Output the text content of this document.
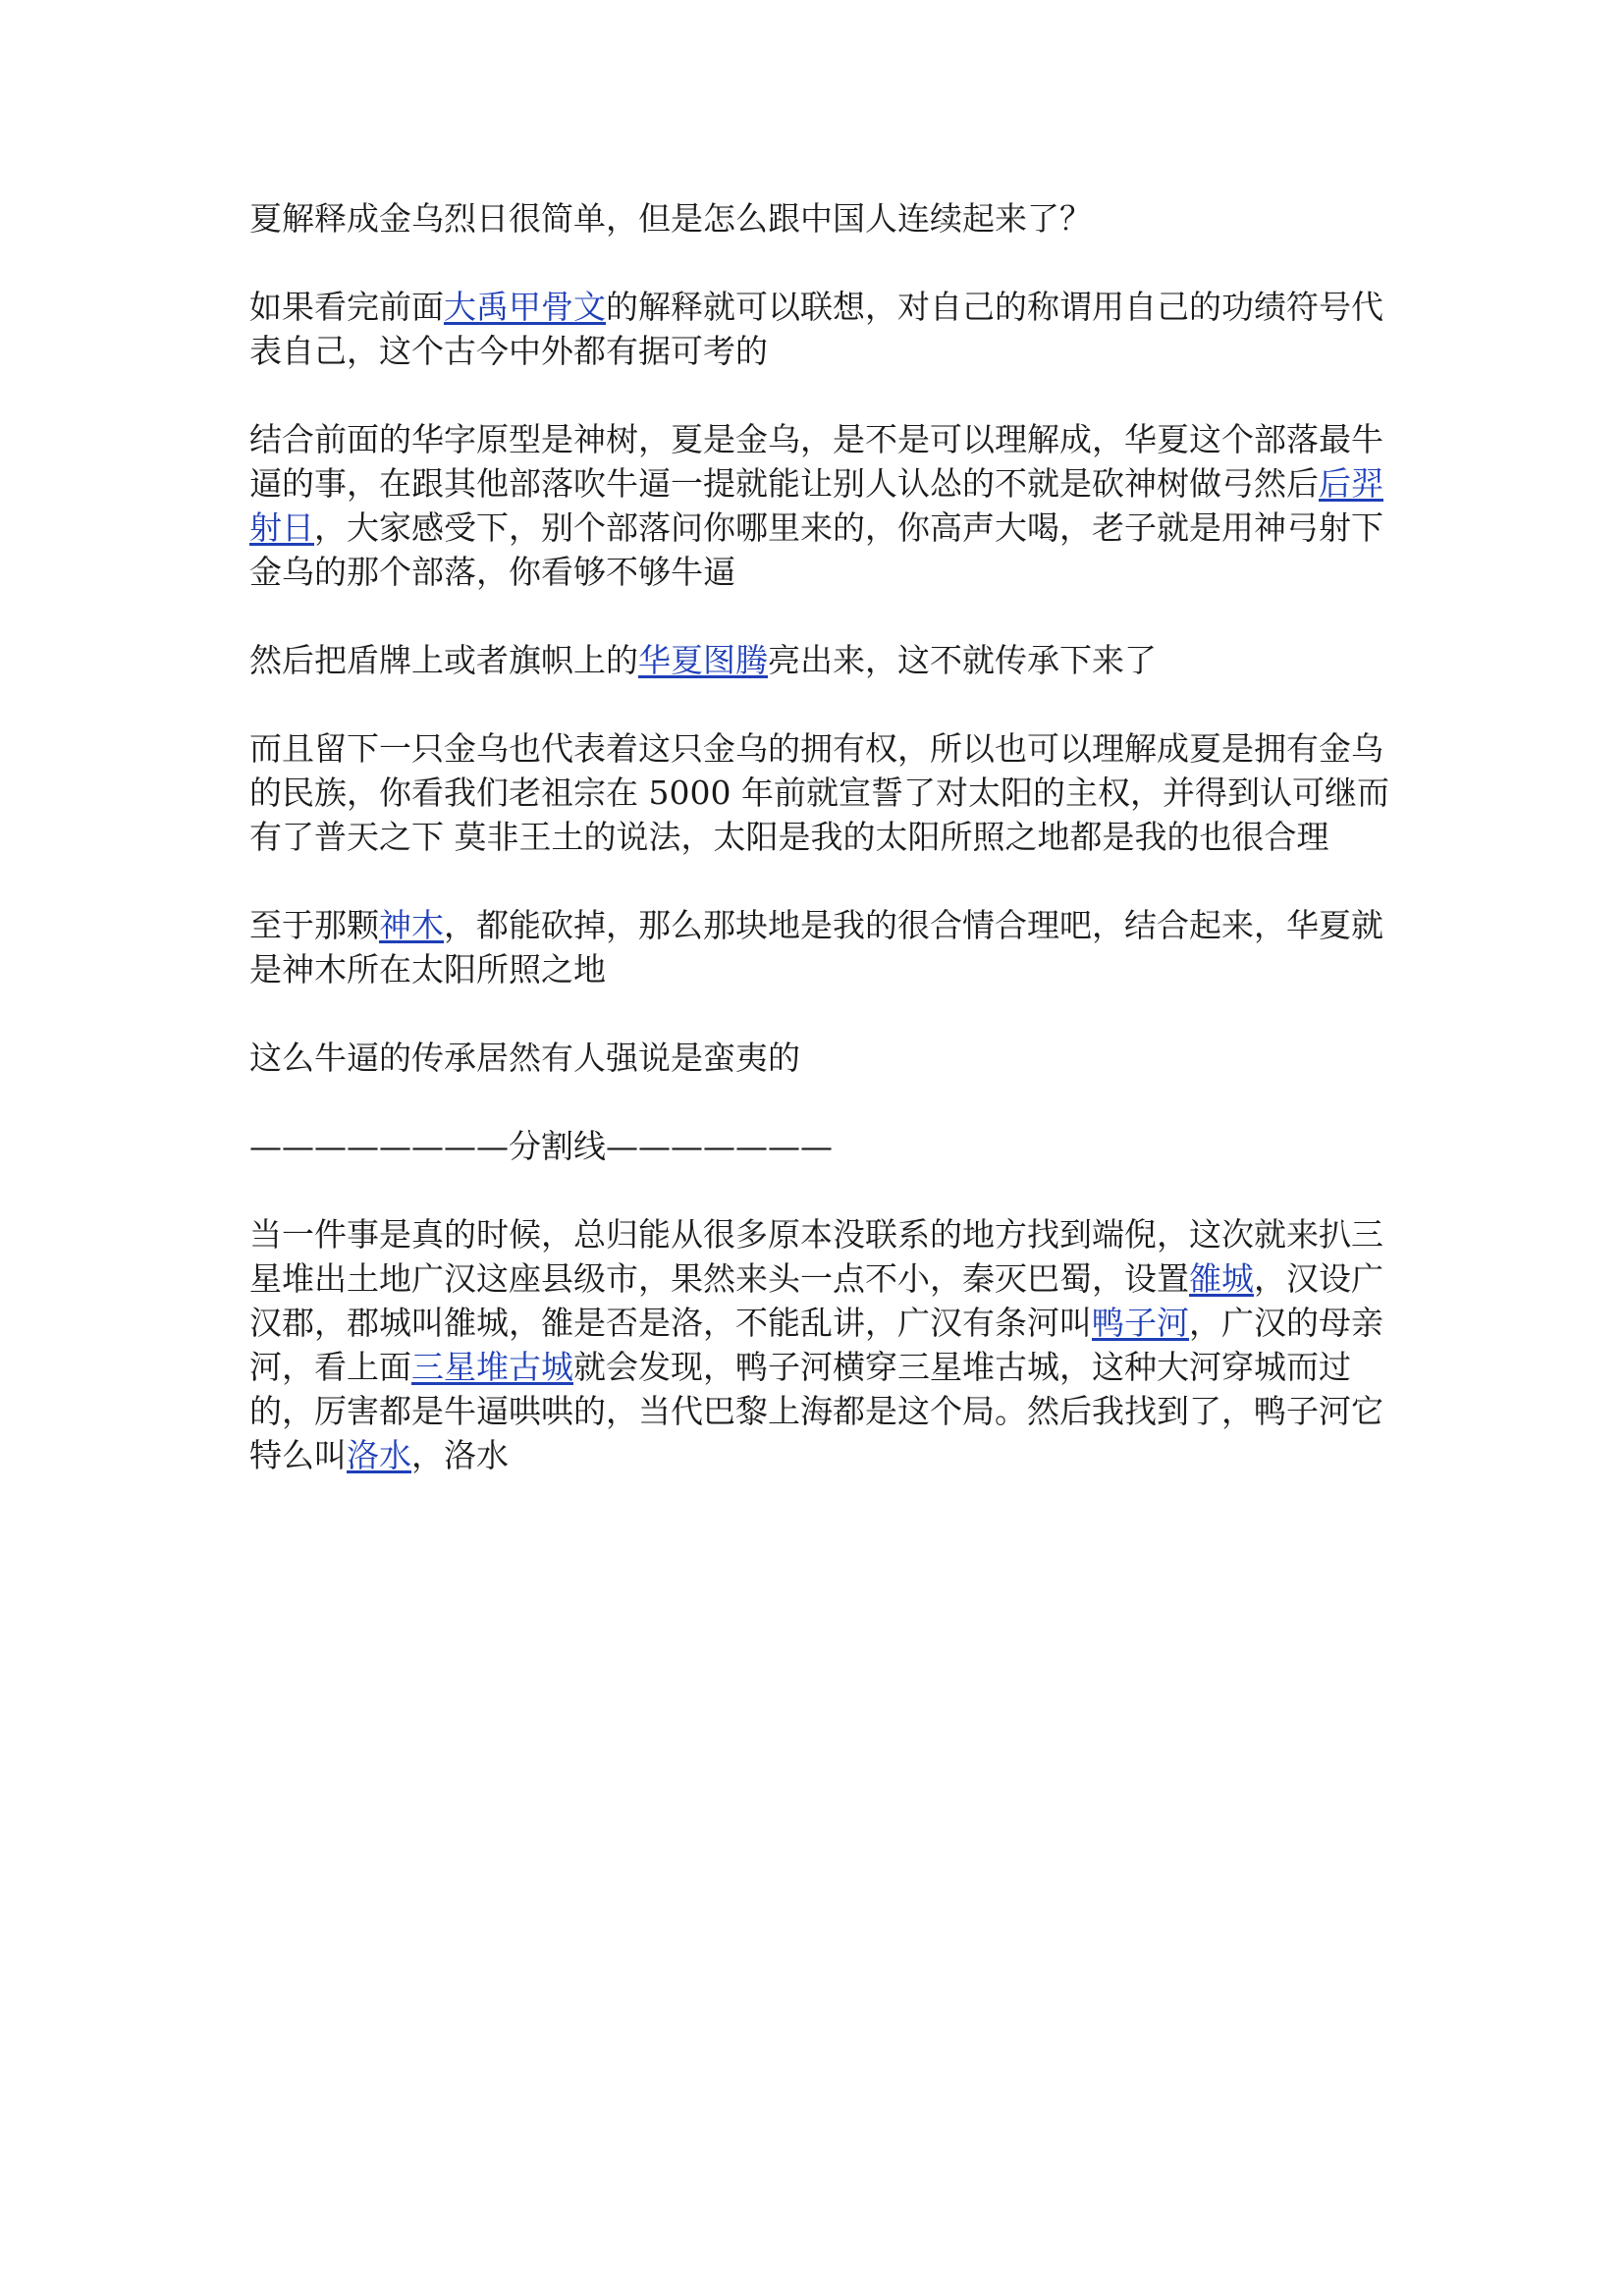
夏解释成金乌烈日很简单，但是怎么跟中国人连续起来了？

如果看完前面大禹甲骨文的解释就可以联想，对自己的称谓用自己的功绩符号代表自己，这个古今中外都有据可考的

结合前面的华字原型是神树，夏是金乌，是不是可以理解成，华夏这个部落最牛逼的事，在跟其他部落吹牛逼一提就能让别人认怂的不就是砍神树做弓然后后羿射日，大家感受下，别个部落问你哪里来的，你高声大喝，老子就是用神弓射下金乌的那个部落，你看够不够牛逼

然后把盾牌上或者旗帜上的华夏图腾亮出来，这不就传承下来了

而且留下一只金乌也代表着这只金乌的拥有权，所以也可以理解成夏是拥有金乌的民族，你看我们老祖宗在 5000 年前就宣誓了对太阳的主权，并得到认可继而有了普天之下 莫非王土的说法，太阳是我的太阳所照之地都是我的也很合理

至于那颗神木，都能砍掉，那么那块地是我的很合情合理吧，结合起来，华夏就是神木所在太阳所照之地

这么牛逼的传承居然有人强说是蛮夷的

————————分割线———————

当一件事是真的时候，总归能从很多原本没联系的地方找到端倪，这次就来扒三星堆出土地广汉这座县级市，果然来头一点不小，秦灭巴蜀，设置雒城，汉设广汉郡，郡城叫雒城，雒是否是洛，不能乱讲，广汉有条河叫鸭子河，广汉的母亲河，看上面三星堆古城就会发现，鸭子河横穿三星堆古城，这种大河穿城而过的，厉害都是牛逼哄哄的，当代巴黎上海都是这个局。然后我找到了，鸭子河它特么叫洛水，洛水
